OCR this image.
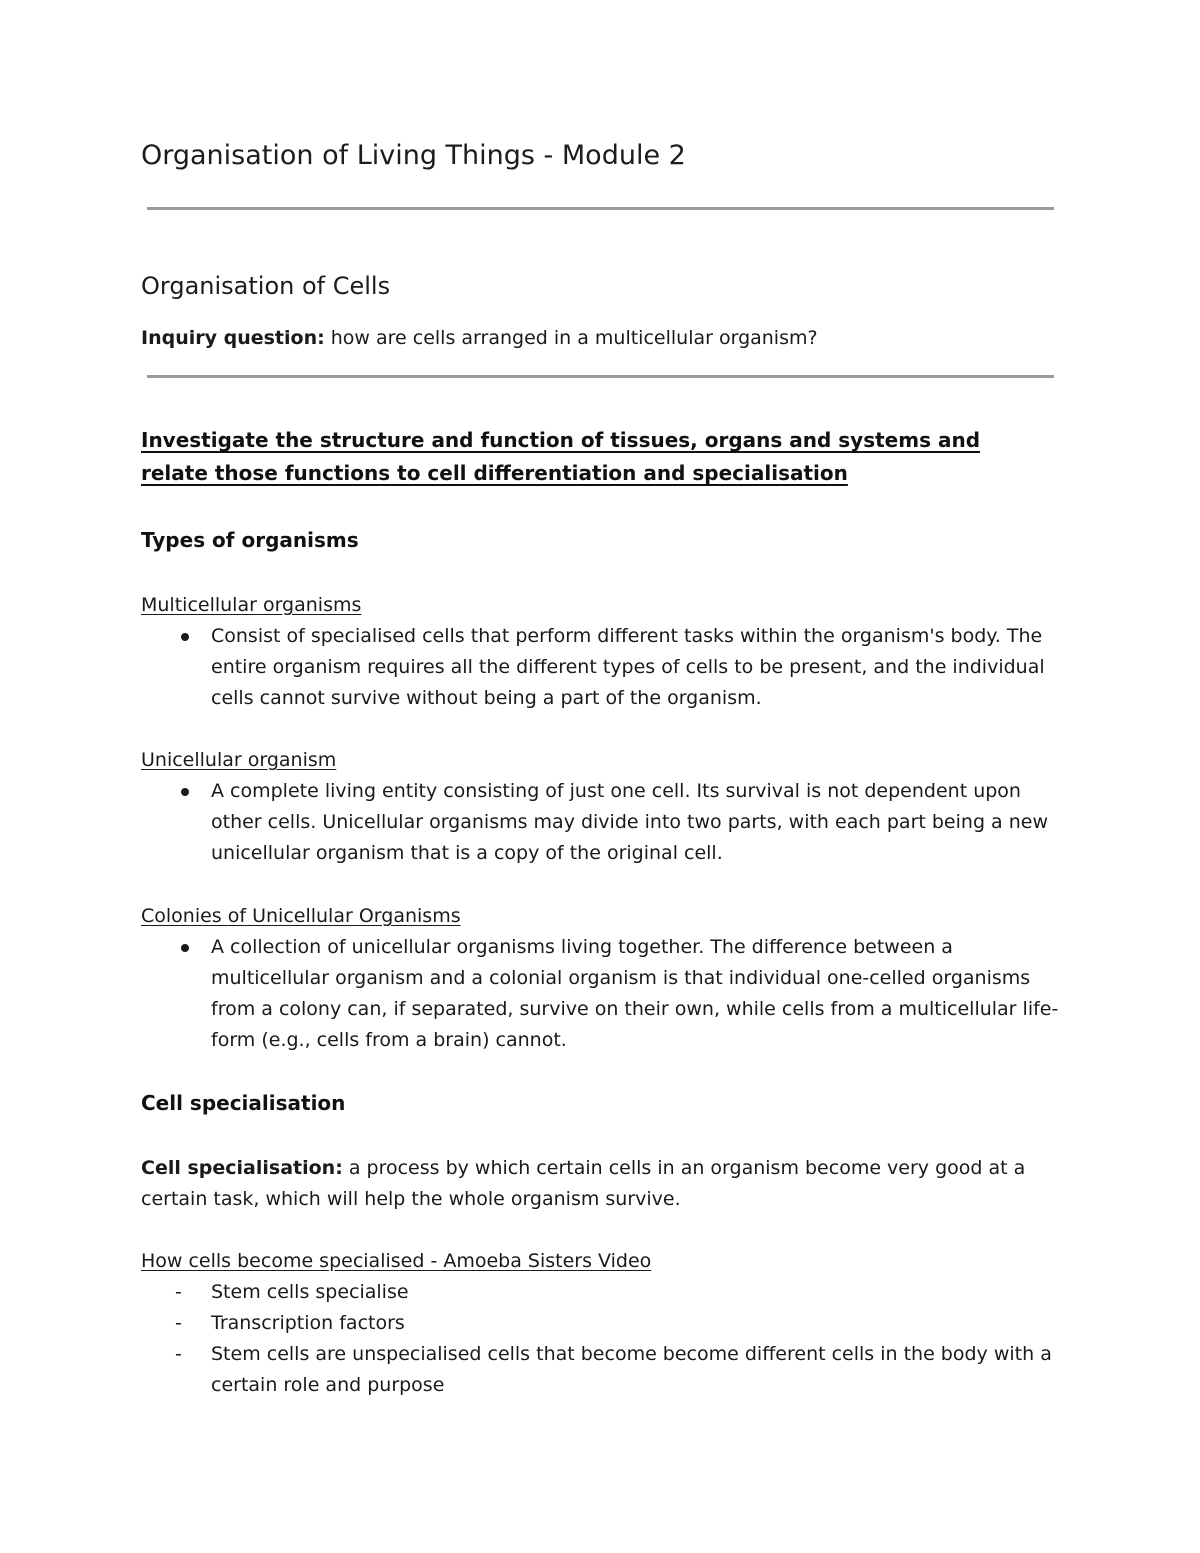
Organisation of Living Things - Module 2
Organisation of Cells
Inquiry question: how are cells arranged in a multicellular organism?
Investigate the structure and function of tissues, organs and systems and relate those functions to cell differentiation and specialisation
Types of organisms
Multicellular organisms
Consist of specialised cells that perform different tasks within the organism's body. The entire organism requires all the different types of cells to be present, and the individual cells cannot survive without being a part of the organism.
Unicellular organism
A complete living entity consisting of just one cell. Its survival is not dependent upon other cells. Unicellular organisms may divide into two parts, with each part being a new unicellular organism that is a copy of the original cell.
Colonies of Unicellular Organisms
A collection of unicellular organisms living together. The difference between a multicellular organism and a colonial organism is that individual one-celled organisms from a colony can, if separated, survive on their own, while cells from a multicellular life-form (e.g., cells from a brain) cannot.
Cell specialisation
Cell specialisation: a process by which certain cells in an organism become very good at a certain task, which will help the whole organism survive.
How cells become specialised - Amoeba Sisters Video
- Stem cells specialise
- Transcription factors
- Stem cells are unspecialised cells that become become different cells in the body with a certain role and purpose
